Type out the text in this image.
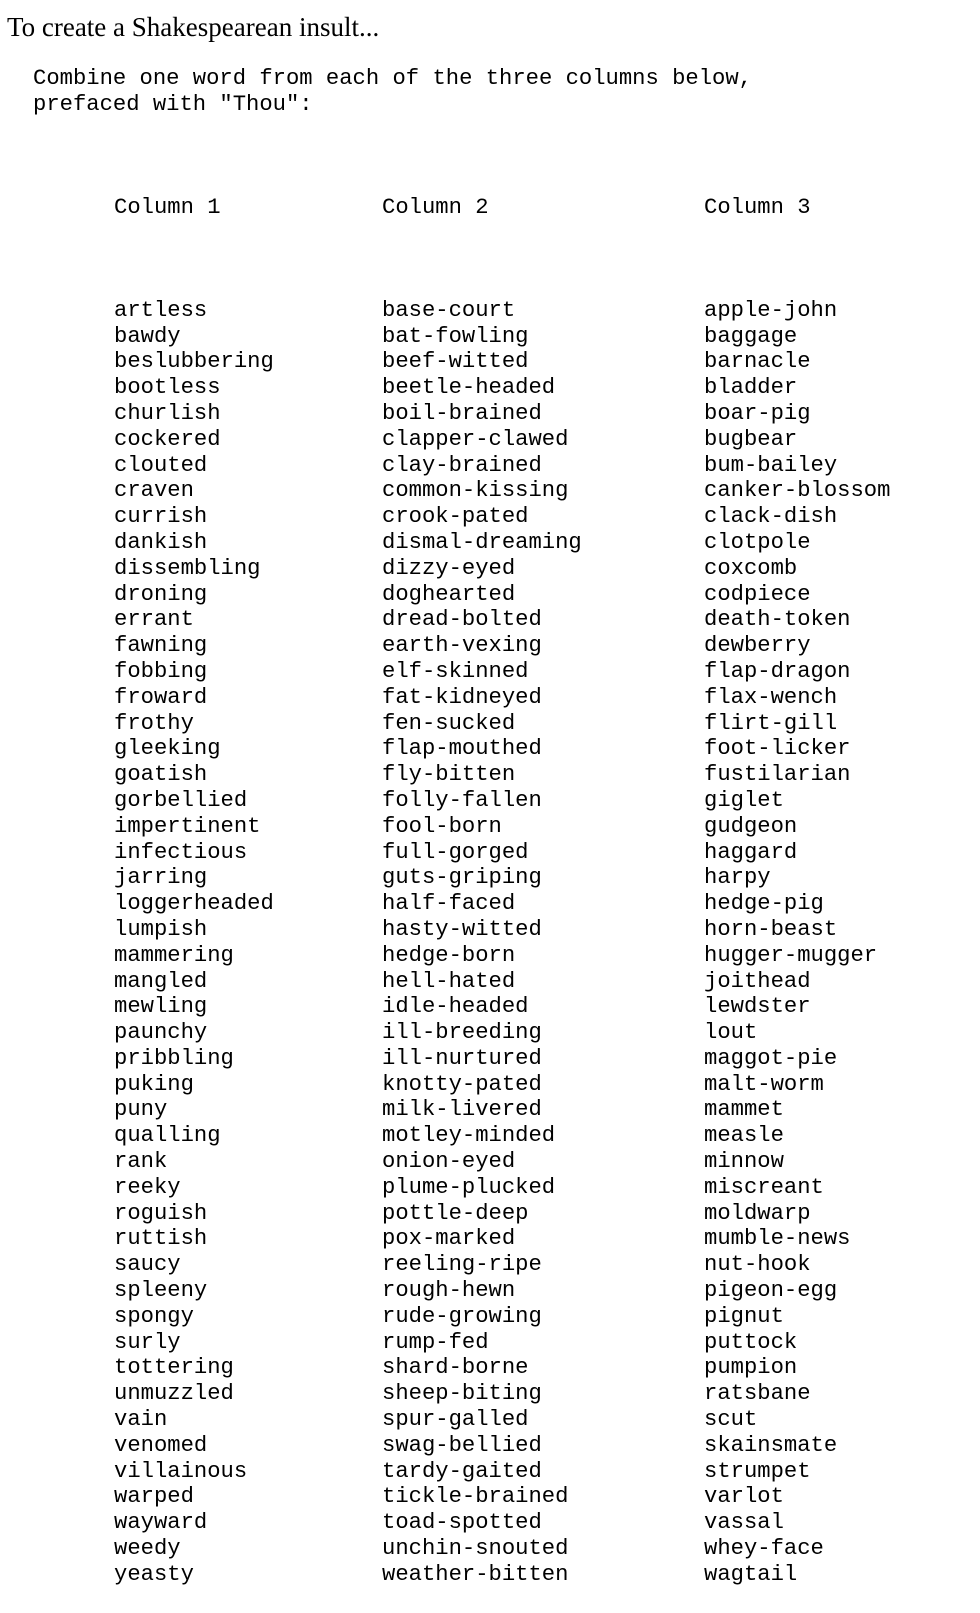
To create a Shakespearean insult...
Combine one word from each of the three columns below,
prefaced with "Thou":

Column 1

artless
bawdy
beslubbering
bootless
churlish
cockered
clouted
craven
currish
dankish
dissembling
droning
errant
fawning
fobbing
froward
frothy
gleeking
goatish
gorbellied
impertinent
infectious
jarring
loggerheaded
lumpish
mammering
mangled
mewling
paunchy
pribbling
puking
puny
qualling
rank
reeky
roguish
ruttish
saucy
spleeny
spongy
surly
tottering
unmuzzled
vain
venomed
villainous
warped
wayward
weedy
yeasty

Column 2

base-court
bat-fowling
beef-witted
beetle-headed
boil-brained
clapper-clawed
clay-brained
common-kissing
crook-pated
dismal-dreaming
dizzy-eyed
doghearted
dread-bolted
earth-vexing
elf-skinned
fat-kidneyed
fen-sucked
flap-mouthed
fly-bitten
folly-fallen
fool-born
full-gorged
guts-griping
half-faced
hasty-witted
hedge-born
hell-hated
idle-headed
ill-breeding
ill-nurtured
knotty-pated
milk-livered
motley-minded
onion-eyed
plume-plucked
pottle-deep
pox-marked
reeling-ripe
rough-hewn
rude-growing
rump-fed
shard-borne
sheep-biting
spur-galled
swag-bellied
tardy-gaited
tickle-brained
toad-spotted
unchin-snouted
weather-bitten

Column 3

apple-john
baggage
barnacle
bladder
boar-pig
bugbear
bum-bailey
canker-blossom
clack-dish
clotpole
coxcomb
codpiece
death-token
dewberry
flap-dragon
flax-wench
flirt-gill
foot-licker
fustilarian
giglet
gudgeon
haggard
harpy
hedge-pig
horn-beast
hugger-mugger
joithead
lewdster
lout
maggot-pie
malt-worm
mammet
measle
minnow
miscreant
moldwarp
mumble-news
nut-hook
pigeon-egg
pignut
puttock
pumpion
ratsbane
scut
skainsmate
strumpet
varlot
vassal
whey-face
wagtail
